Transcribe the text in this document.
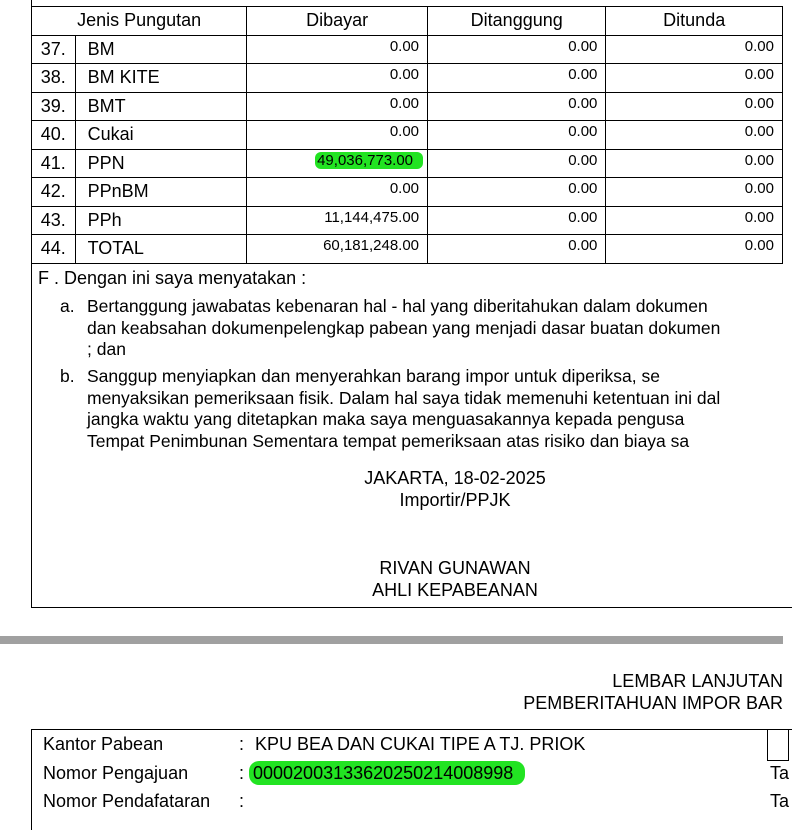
Jenis Pungutan		Dibayar	Ditanggung	Ditunda
37.	BM	0.00	0.00	0.00
38.	BM KITE	0.00	0.00	0.00
39.	BMT	0.00	0.00	0.00
40.	Cukai	0.00	0.00	0.00
41.	PPN	49,036,773.00	0.00	0.00
42.	PPnBM	0.00	0.00	0.00
43.	PPh	11,144,475.00	0.00	0.00
44.	TOTAL	60,181,248.00	0.00	0.00
F . Dengan ini saya menyatakan :
a. Bertanggung jawabatas kebenaran hal - hal yang diberitahukan dalam dokumen
dan keabsahan dokumenpelengkap pabean yang menjadi dasar buatan dokumen
; dan
b. Sanggup menyiapkan dan menyerahkan barang impor untuk diperiksa, se
menyaksikan pemeriksaan fisik. Dalam hal saya tidak memenuhi ketentuan ini dal
jangka waktu yang ditetapkan maka saya menguasakannya kepada pengusa
Tempat Penimbunan Sementara tempat pemeriksaan atas risiko dan biaya sa
JAKARTA, 18-02-2025
Importir/PPJK
RIVAN GUNAWAN
AHLI KEPABEANAN
LEMBAR LANJUTAN
PEMBERITAHUAN IMPOR BAR
Kantor Pabean	: KPU BEA DAN CUKAI TIPE A TJ. PRIOK
Nomor Pengajuan	: 00002003133620250214008998
Nomor Pendafataran :
Ta
Ta
